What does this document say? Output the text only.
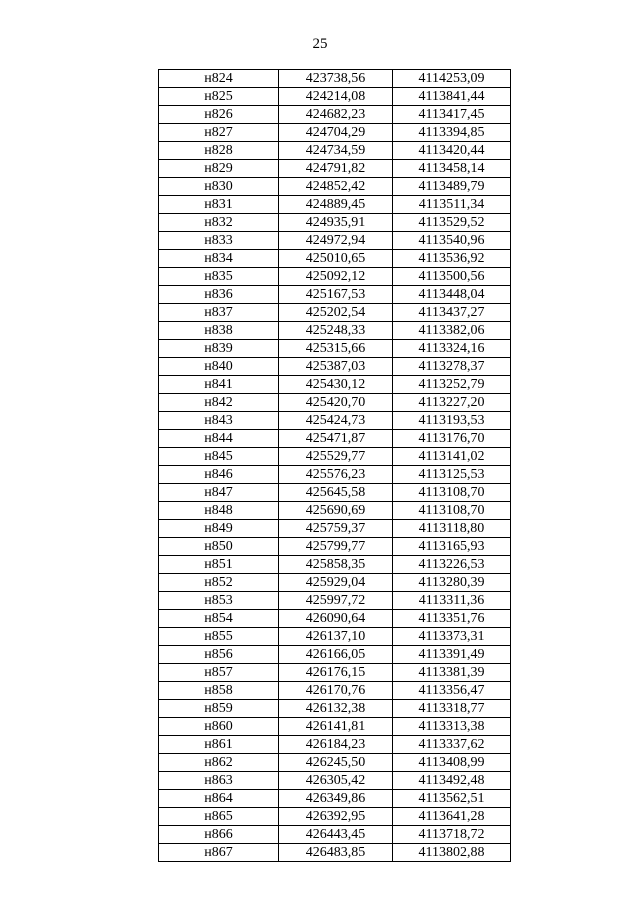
25
н824	423738,56	4114253,09
н825	424214,08	4113841,44
н826	424682,23	4113417,45
н827	424704,29	4113394,85
н828	424734,59	4113420,44
н829	424791,82	4113458,14
н830	424852,42	4113489,79
н831	424889,45	4113511,34
н832	424935,91	4113529,52
н833	424972,94	4113540,96
н834	425010,65	4113536,92
н835	425092,12	4113500,56
н836	425167,53	4113448,04
н837	425202,54	4113437,27
н838	425248,33	4113382,06
н839	425315,66	4113324,16
н840	425387,03	4113278,37
н841	425430,12	4113252,79
н842	425420,70	4113227,20
н843	425424,73	4113193,53
н844	425471,87	4113176,70
н845	425529,77	4113141,02
н846	425576,23	4113125,53
н847	425645,58	4113108,70
н848	425690,69	4113108,70
н849	425759,37	4113118,80
н850	425799,77	4113165,93
н851	425858,35	4113226,53
н852	425929,04	4113280,39
н853	425997,72	4113311,36
н854	426090,64	4113351,76
н855	426137,10	4113373,31
н856	426166,05	4113391,49
н857	426176,15	4113381,39
н858	426170,76	4113356,47
н859	426132,38	4113318,77
н860	426141,81	4113313,38
н861	426184,23	4113337,62
н862	426245,50	4113408,99
н863	426305,42	4113492,48
н864	426349,86	4113562,51
н865	426392,95	4113641,28
н866	426443,45	4113718,72
н867	426483,85	4113802,88
